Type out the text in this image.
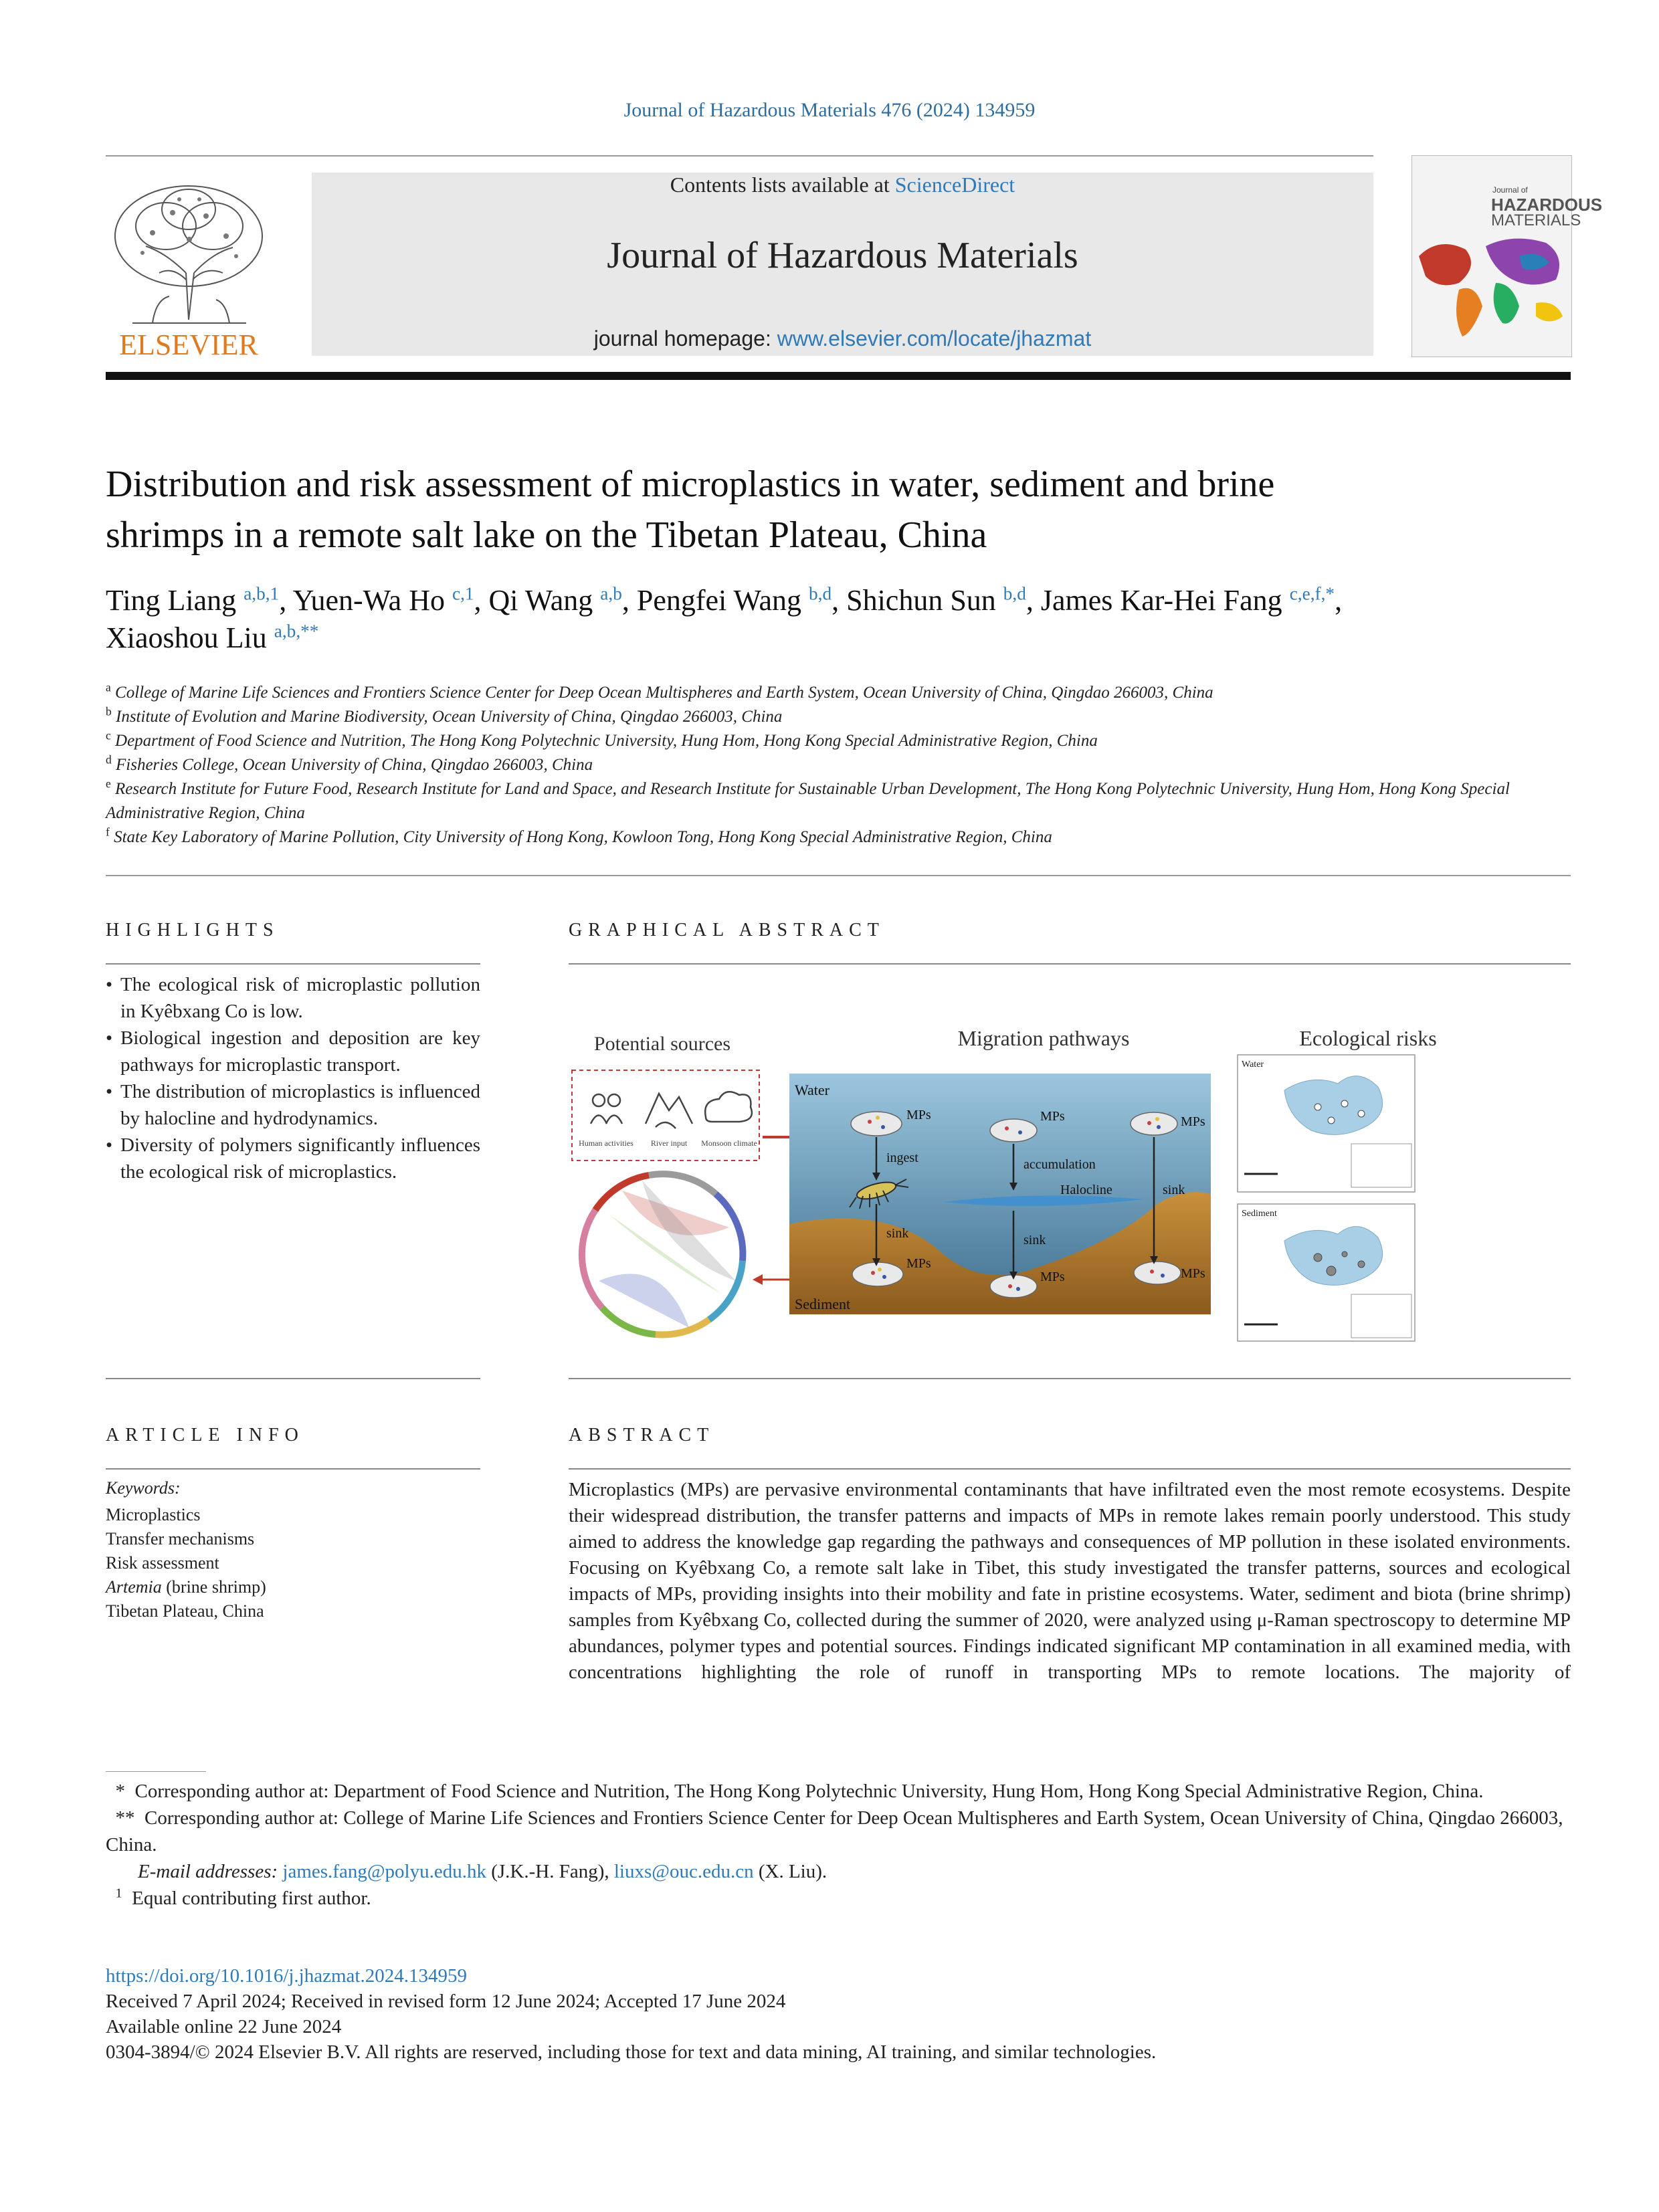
Journal of Hazardous Materials 476 (2024) 134959
ELSEVIER
Contents lists available at ScienceDirect
Journal of Hazardous Materials
journal homepage: www.elsevier.com/locate/jhazmat
Journal of
HAZARDOUS
MATERIALS
Distribution and risk assessment of microplastics in water, sediment and brine shrimps in a remote salt lake on the Tibetan Plateau, China
Ting Liang $^{a,b,1}$, Yuen-Wa Ho $^{c,1}$, Qi Wang $^{a,b}$, Pengfei Wang $^{b,d}$, Shichun Sun $^{b,d}$, James Kar-Hei Fang $^{c,e,f,*}$, Xiaoshou Liu $^{a,b,**}$
$^a$ College of Marine Life Sciences and Frontiers Science Center for Deep Ocean Multispheres and Earth System, Ocean University of China, Qingdao 266003, China
$^b$ Institute of Evolution and Marine Biodiversity, Ocean University of China, Qingdao 266003, China
$^c$ Department of Food Science and Nutrition, The Hong Kong Polytechnic University, Hung Hom, Hong Kong Special Administrative Region, China
$^d$ Fisheries College, Ocean University of China, Qingdao 266003, China
$^e$ Research Institute for Future Food, Research Institute for Land and Space, and Research Institute for Sustainable Urban Development, The Hong Kong Polytechnic University, Hung Hom, Hong Kong Special Administrative Region, China
$^f$ State Key Laboratory of Marine Pollution, City University of Hong Kong, Kowloon Tong, Hong Kong Special Administrative Region, China
HIGHLIGHTS
• The ecological risk of microplastic pollution in Kyêbxang Co is low.
• Biological ingestion and deposition are key pathways for microplastic transport.
• The distribution of microplastics is influenced by halocline and hydrodynamics.
• Diversity of polymers significantly influences the ecological risk of microplastics.
GRAPHICAL ABSTRACT
Potential sources	Migration pathways	Ecological risks
Human activities River input Monsoon climate
Water
Sediment
Halocline
MPs	MPs	MPs
MPs
MPs	MPs
ingest	accumulation
sink
sink	sink
Water
Sediment
ARTICLE INFO
Keywords:
Microplastics
Transfer mechanisms
Risk assessment
Artemia (brine shrimp)
Tibetan Plateau, China
ABSTRACT
Microplastics (MPs) are pervasive environmental contaminants that have infiltrated even the most remote ecosystems. Despite their widespread distribution, the transfer patterns and impacts of MPs in remote lakes remain poorly understood. This study aimed to address the knowledge gap regarding the pathways and consequences of MP pollution in these isolated environments. Focusing on Kyêbxang Co, a remote salt lake in Tibet, this study investigated the transfer patterns, sources and ecological impacts of MPs, providing insights into their mobility and fate in pristine ecosystems. Water, sediment and biota (brine shrimp) samples from Kyêbxang Co, collected during the summer of 2020, were analyzed using μ-Raman spectroscopy to determine MP abundances, polymer types and potential sources. Findings indicated significant MP contamination in all examined media, with concentrations highlighting the role of runoff in transporting MPs to remote locations. The majority of

* Corresponding author at: Department of Food Science and Nutrition, The Hong Kong Polytechnic University, Hung Hom, Hong Kong Special Administrative Region, China.

** Corresponding author at: College of Marine Life Sciences and Frontiers Science Center for Deep Ocean Multispheres and Earth System, Ocean University of China, Qingdao 266003, China.

E-mail addresses: james.fang@polyu.edu.hk (J.K.-H. Fang), liuxs@ouc.edu.cn (X. Liu).

$^1$ Equal contributing first author.

https://doi.org/10.1016/j.jhazmat.2024.134959

Received 7 April 2024; Received in revised form 12 June 2024; Accepted 17 June 2024

Available online 22 June 2024

0304-3894/© 2024 Elsevier B.V. All rights are reserved, including those for text and data mining, AI training, and similar technologies.
